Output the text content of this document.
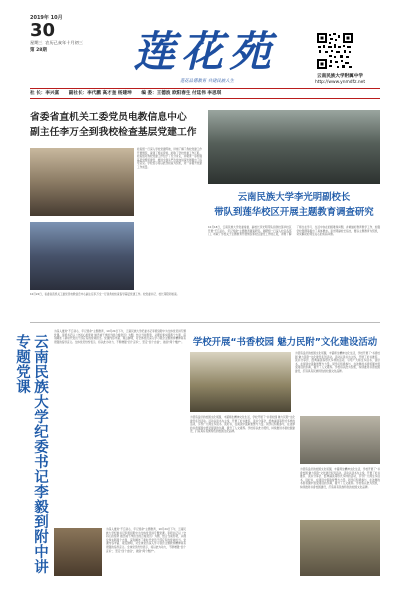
2019年 10月
30
星期三 农历己亥年十月初三
第 28期	莲花苑
莲花品德教育 共建民族人生
云南民族大学附属中学
http://www.ynmdfz.net
社 长：李兴富 副社长：李代鹏 高才奎 杨建坤 编 委：王德波 欧阳春生 付廷伟 李思琪
省委省直机关工委党员电教信息中心
副主任李万全到我校检查基层党建工作
检查组一行深入学校党建阵地，详细了解了我校党建工作开展情况，查阅了相关资料，听取了学校党委工作汇报。检查组对我校党建工作给予了充分肯定，并就进一步加强基层党组织建设、推进全面从严治党向纵深发展提出了指导意见。学校表示将以此次检查为契机，进一步提升党建工作质量。
10月24日，省委省直机关工委党员电教信息中心副主任李万全一行到我校检查指导基层党建工作。校党委书记、校长等陪同检查。
云南民族大学李光明副校长
带队到莲华校区开展主题教育调查研究
10月18日，云南民族大学党委常委、副校长李光明带队到我校莲华校区开展“不忘初心、牢记使命”主题教育调查研究。调研组一行深入校区各部门，听取了学校关于主题教育开展情况和校区建设工作的汇报，详细了解了师生在学习、生活中存在的困难和问题，并就做好教育教学工作、加强学校管理等提出了具体要求。李光明副校长指出，要以主题教育为契机，切实解决好师生关心的实际问题。
云南民族大学纪委书记李毅到附中讲专题党课
为深入推进“不忘初心、牢记使命”主题教育，10月24日下午，云南民族大学纪委书记李毅到附中为全体党员讲专题党课。李毅书记以《守初心担使命 做忠诚干净担当的合格党员》为题，结合当前形势，从理论和实践两个方面，深刻阐述了新时代党员干部应有的使命担当。党课内容丰富、观点鲜明，对全体党员深入学习领会主题教育精神具有很强的指导意义。全体党员纷纷表示，将以此为动力，不断增强“四个意识”，坚定“四个自信”，做到“两个维护”。
为深入推进“不忘初心、牢记使命”主题教育，10月24日下午，云南民族大学纪委书记李毅到附中为全体党员讲专题党课。李毅书记以《守初心担使命 做忠诚干净担当的合格党员》为题，结合当前形势，从理论和实践两个方面，深刻阐述了新时代党员干部应有的使命担当。党课内容丰富、观点鲜明，对全体党员深入学习领会主题教育精神具有很强的指导意义。全体党员纷纷表示，将以此为动力，不断增强“四个意识”，坚定“四个自信”，做到“两个维护”。
学校开展“书香校园 魅力民附”文化建设活动
为营造良好的校园文化氛围，丰富师生精神文化生活，学校开展了“书香校园 魅力民附”文化建设系列活动。活动以读书为主线，开展了好书推荐、读书分享会、经典诵读等形式多样的活动，引导广大师生多读书、读好书，在阅读中汲取智慧与力量。同学们积极参与，在浓厚的书香氛围中感受阅读的乐趣，提升了人文素养。学校将以此为契机，持续推进书香校园建设，打造具有民族特色的校园文化品牌。
为营造良好的校园文化氛围，丰富师生精神文化生活，学校开展了“书香校园 魅力民附”文化建设系列活动。活动以读书为主线，开展了好书推荐、读书分享会、经典诵读等形式多样的活动，引导广大师生多读书、读好书，在阅读中汲取智慧与力量。同学们积极参与，在浓厚的书香氛围中感受阅读的乐趣，提升了人文素养。学校将以此为契机，持续推进书香校园建设，打造具有民族特色的校园文化品牌。
为营造良好的校园文化氛围，丰富师生精神文化生活，学校开展了“书香校园 魅力民附”文化建设系列活动。活动以读书为主线，开展了好书推荐、读书分享会、经典诵读等形式多样的活动，引导广大师生多读书、读好书，在阅读中汲取智慧与力量。同学们积极参与，在浓厚的书香氛围中感受阅读的乐趣，提升了人文素养。学校将以此为契机，持续推进书香校园建设，打造具有民族特色的校园文化品牌。
